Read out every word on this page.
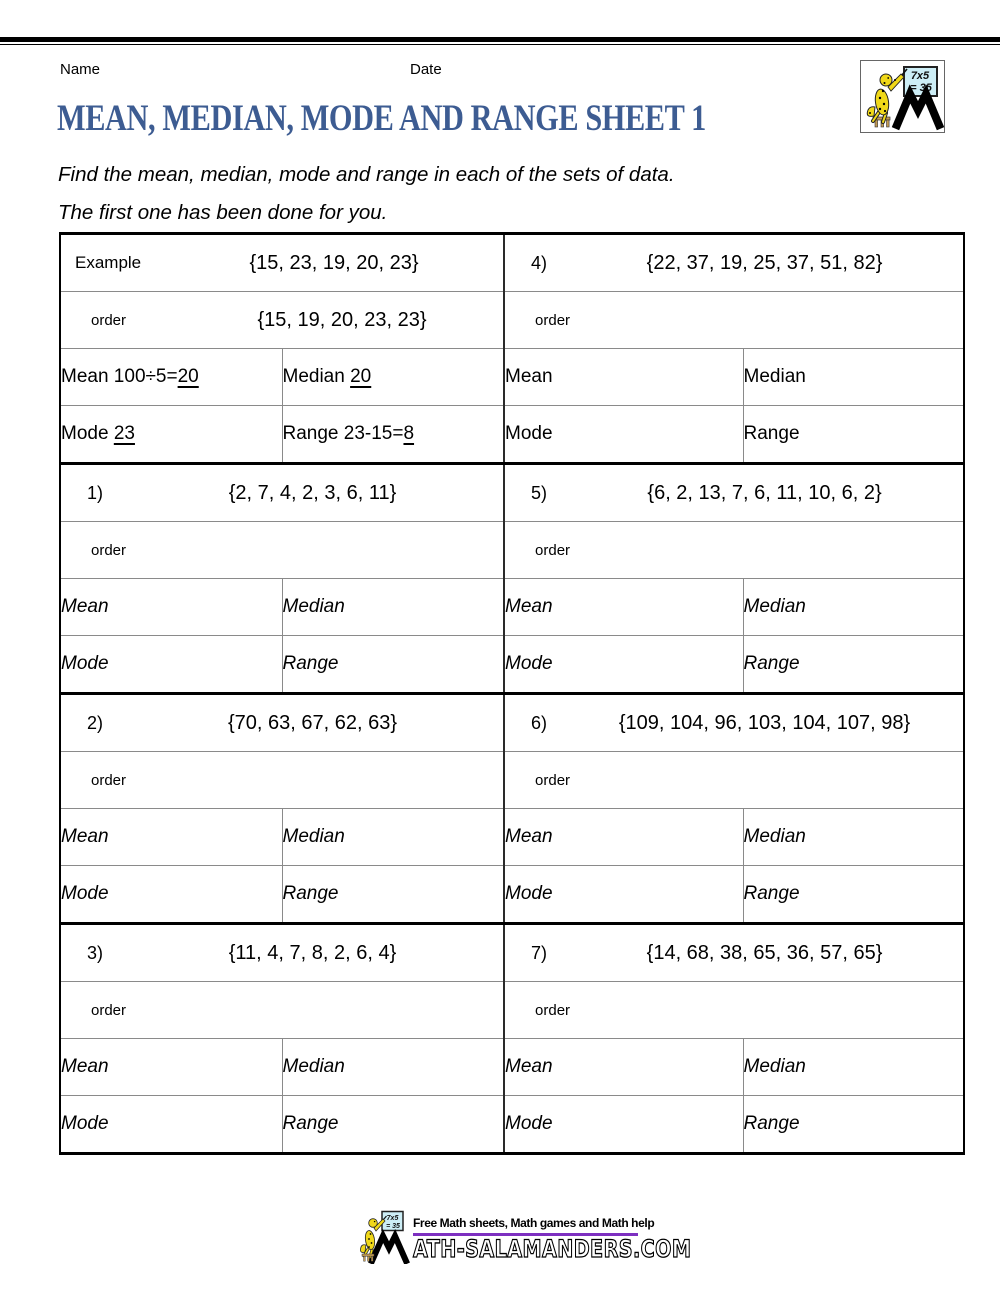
Name	Date	7x5
= 35
MEAN, MEDIAN, MODE AND RANGE SHEET 1
Find the mean, median, mode and range in each of the sets of data.
The first one has been done for you.
Example {15, 23, 19, 20, 23}		4) {22, 37, 19, 25, 37, 51, 82}	

order {15, 19, 20, 23, 23}		order	

Mean 100÷5=20	Median 20	Mean	Median
Mode 23	Range 23-15=8	Mode	Range

1) {2, 7, 4, 2, 3, 6, 11}		5) {6, 2, 13, 7, 6, 11, 10, 6, 2}	

order		order	

Mean	Median	Mean	Median
Mode	Range	Mode	Range

2) {70, 63, 67, 62, 63}		6) {109, 104, 96, 103, 104, 107, 98}	

order		order	

Mean	Median	Mean	Median
Mode	Range	Mode	Range

3) {11, 4, 7, 8, 2, 6, 4}		7) {14, 68, 38, 65, 36, 57, 65}	

order		order	

Mean	Median	Mean	Median
Mode	Range	Mode	Range
7x5
= 35 Free Math sheets, Math games and Math help
ATH-SALAMANDERS.COM
